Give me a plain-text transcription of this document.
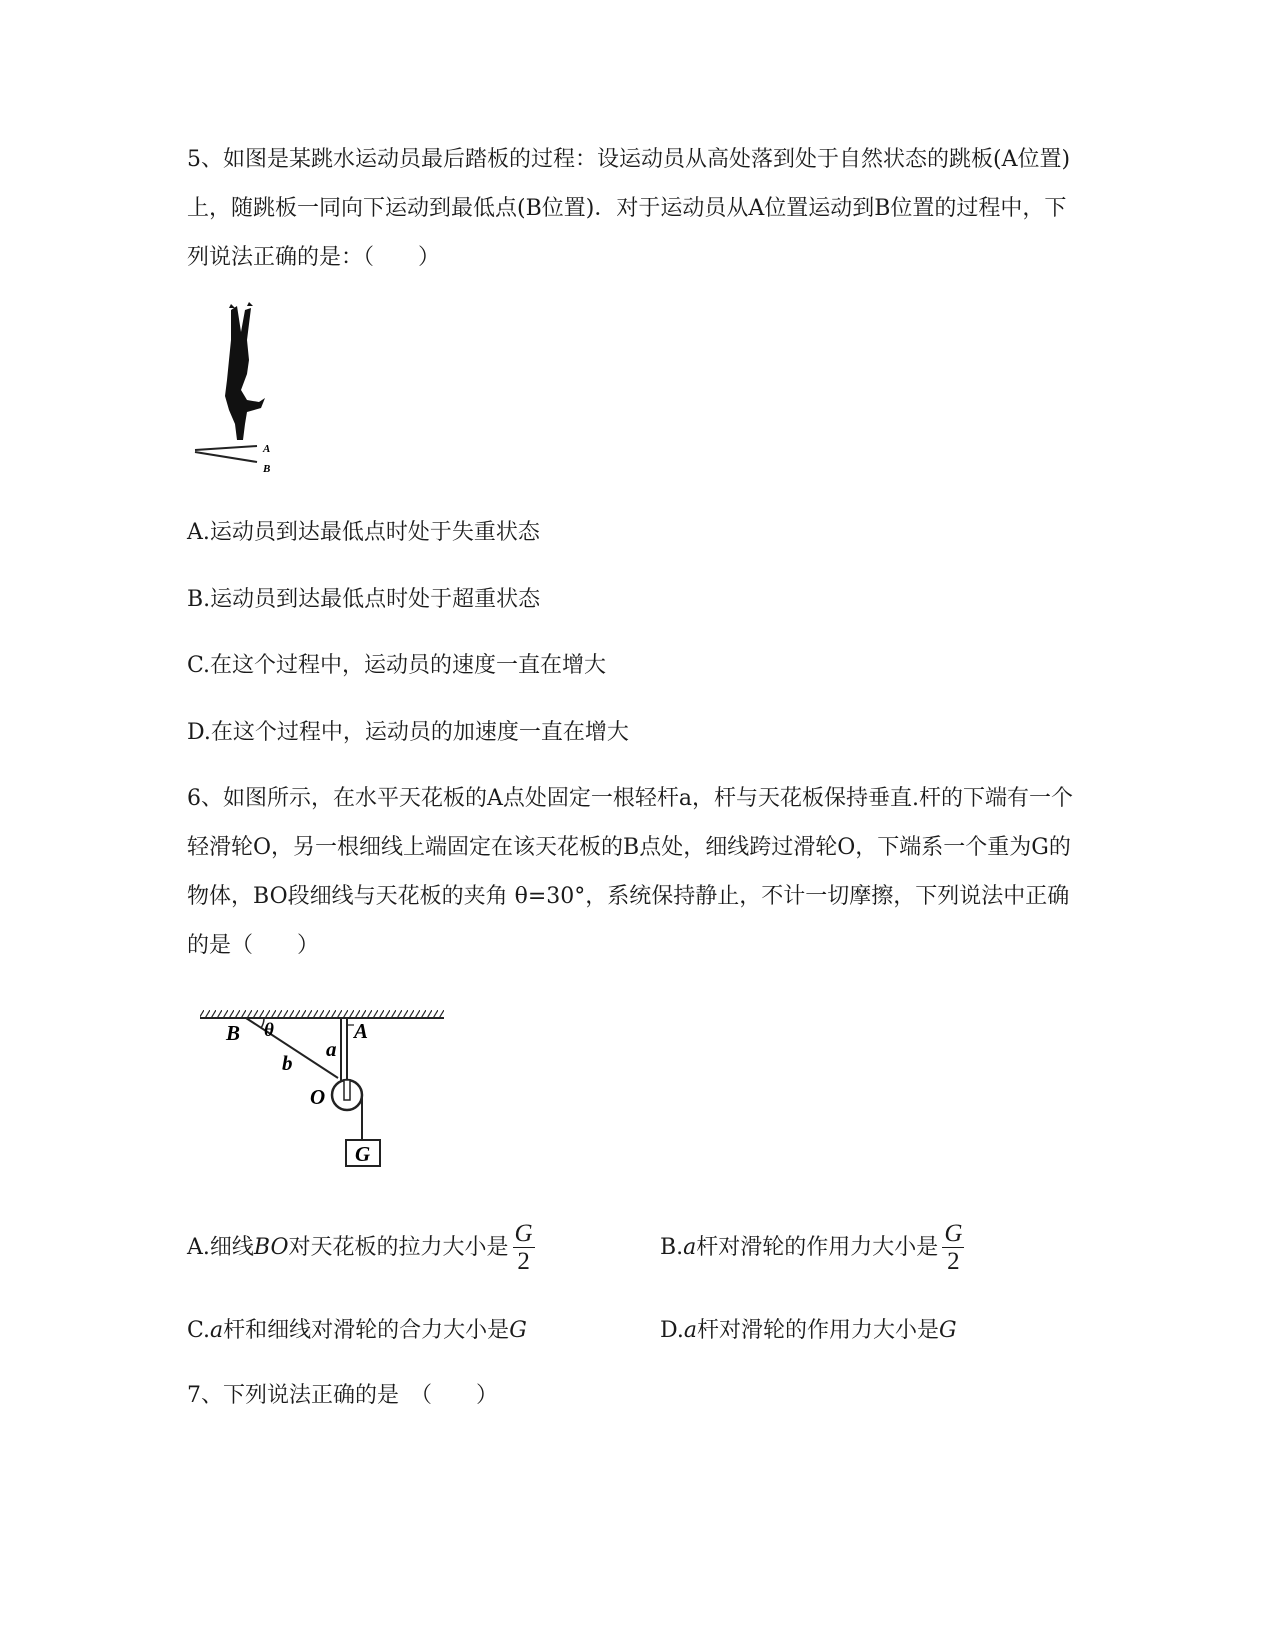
5、如图是某跳水运动员最后踏板的过程：设运动员从高处落到处于自然状态的跳板(A位置)上，随跳板一同向下运动到最低点(B位置)．对于运动员从A位置运动到B位置的过程中，下列说法正确的是：（　　）

A
B

A.运动员到达最低点时处于失重状态

B.运动员到达最低点时处于超重状态

C.在这个过程中，运动员的速度一直在增大

D.在这个过程中，运动员的加速度一直在增大

6、如图所示，在水平天花板的A点处固定一根轻杆a，杆与天花板保持垂直.杆的下端有一个轻滑轮O，另一根细线上端固定在该天花板的B点处，细线跨过滑轮O，下端系一个重为G的物体，BO段细线与天花板的夹角 θ=30°，系统保持静止，不计一切摩擦，下列说法中正确的是（　　）

B θ	A
a
b
O
G
A.细线BO对天花板的拉力大小是 $\frac{G}{2}$	B.a杆对滑轮的作用力大小是 $\frac{G}{2}$
C.a杆和细线对滑轮的合力大小是G	D.a杆对滑轮的作用力大小是G

7、下列说法正确的是　（　　）
